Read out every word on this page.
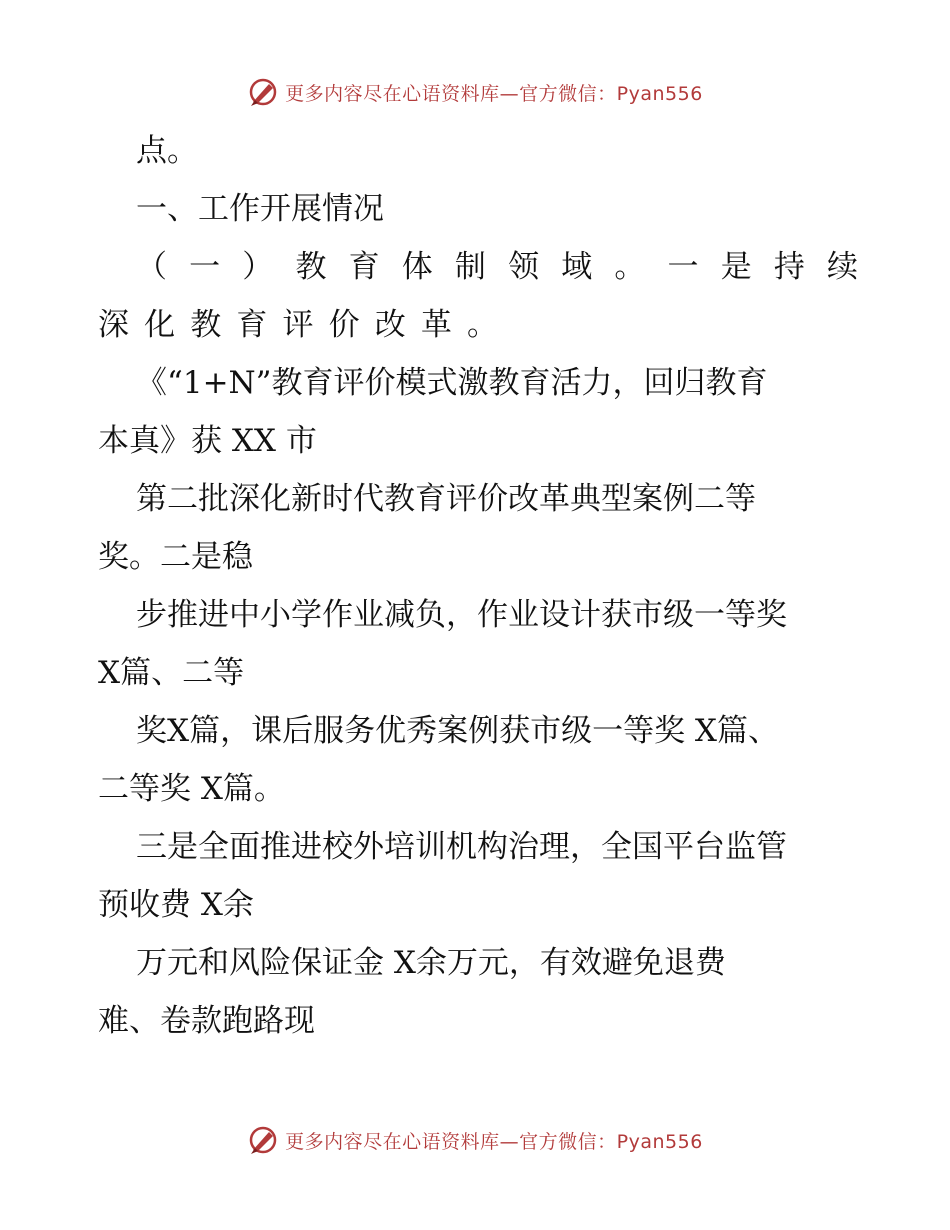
更多内容尽在心语资料库—官方微信：Pyan556

点。

一、工作开展情况

（一）教育体制领域。一是持续

深化教育评价改革。

《“1+N”教育评价模式激教育活力，回归教育

本真》获 XX 市

第二批深化新时代教育评价改革典型案例二等

奖。二是稳

步推进中小学作业减负，作业设计获市级一等奖

X篇、二等

奖X篇，课后服务优秀案例获市级一等奖 X篇、

二等奖 X篇。

三是全面推进校外培训机构治理，全国平台监管

预收费 X余

万元和风险保证金 X余万元，有效避免退费

难、卷款跑路现

更多内容尽在心语资料库—官方微信：Pyan556
